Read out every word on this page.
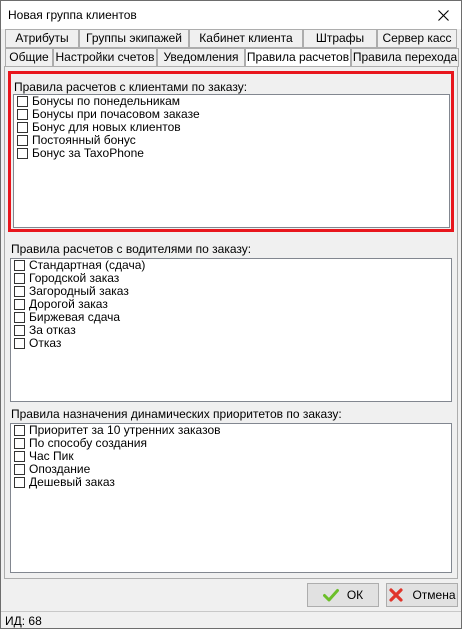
Новая группа клиентов
Атрибуты	Группы экипажей	Кабинет клиента	Штрафы	Сервер касс
Общие Настройки счетов Уведомления Правила расчетов Правила перехода
Правила расчетов с клиентами по заказу:
Бонусы по понедельникам
Бонусы при почасовом заказе
Бонус для новых клиентов
Постоянный бонус
Бонус за TaxoPhone
Правила расчетов с водителями по заказу:
Стандартная (сдача)
Городской заказ
Загородный заказ
Дорогой заказ
Биржевая сдача
За отказ
Отказ
Правила назначения динамических приоритетов по заказу:
Приоритет за 10 утренних заказов
По способу создания
Час Пик
Опоздание
Дешевый заказ
ОК	Отмена
ИД: 68
